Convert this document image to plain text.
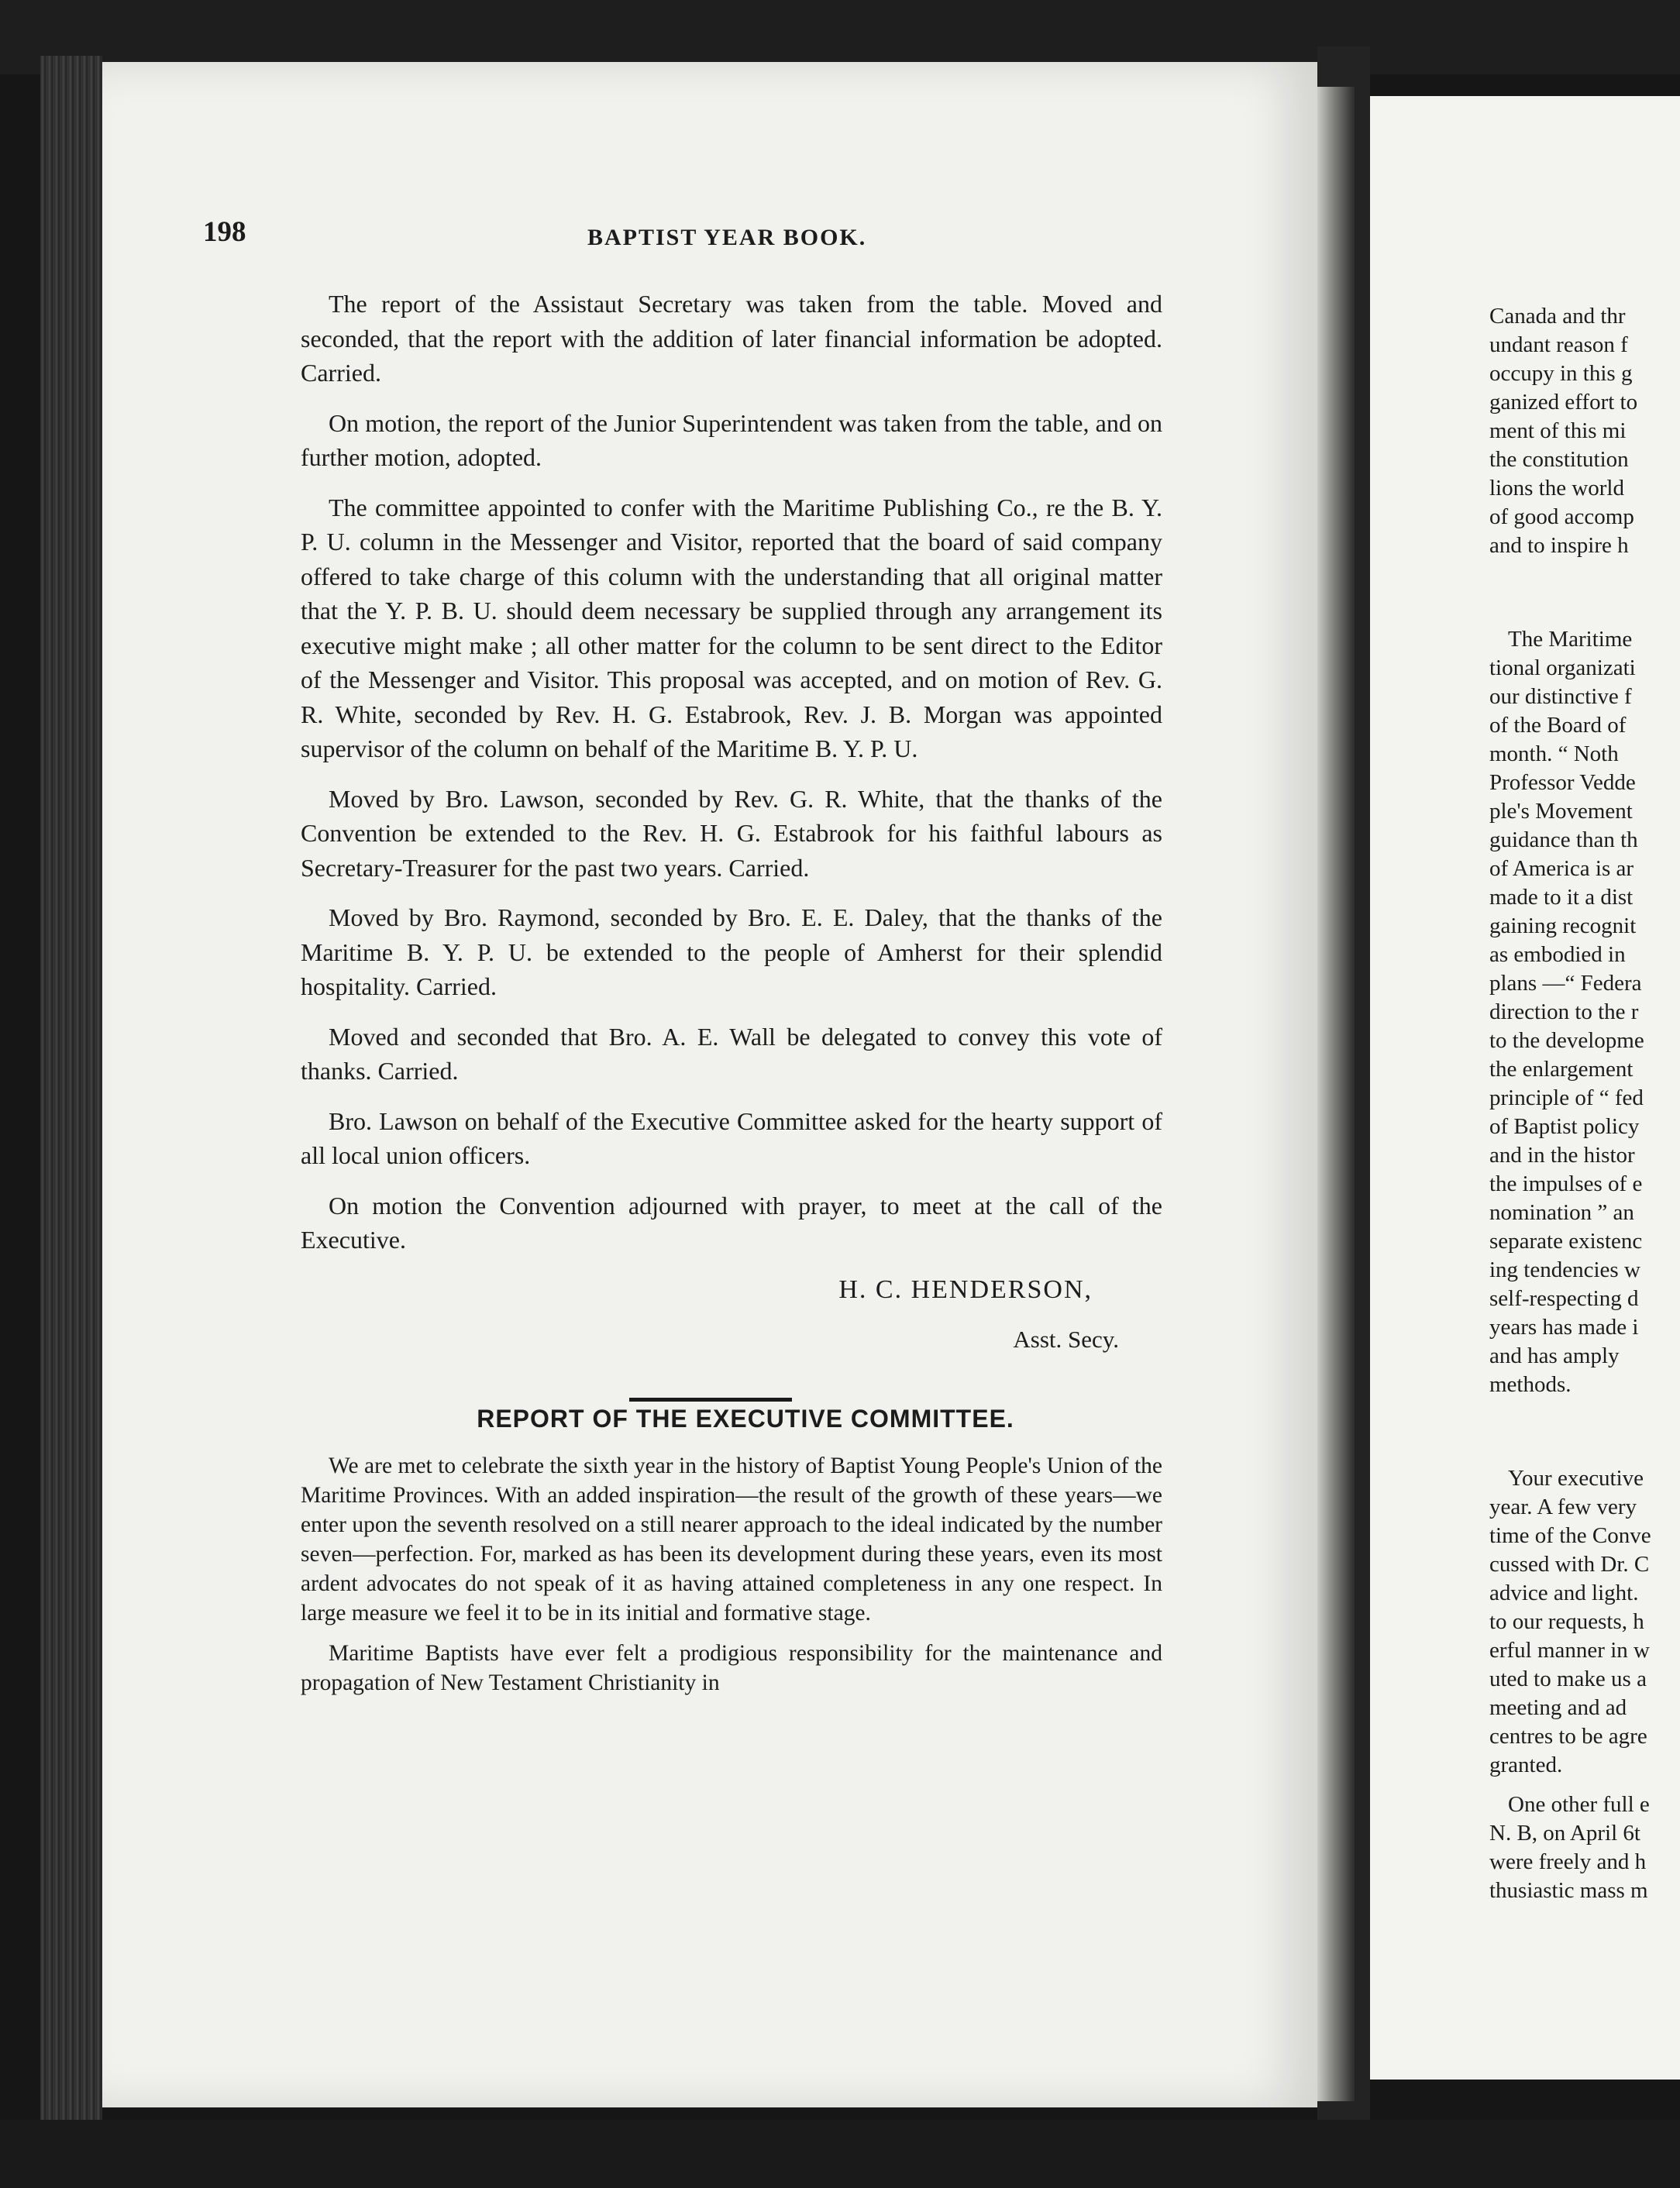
198	BAPTIST YEAR BOOK.

The report of the Assistaut Secretary was taken from the table. Moved and seconded, that the report with the addition of later financial information be adopted. Carried.

On motion, the report of the Junior Superintendent was taken from the table, and on further motion, adopted.

The committee appointed to confer with the Maritime Publishing Co., re the B. Y. P. U. column in the Messenger and Visitor, reported that the board of said company offered to take charge of this column with the understanding that all original matter that the Y. P. B. U. should deem necessary be supplied through any arrangement its executive might make ; all other matter for the column to be sent direct to the Editor of the Messenger and Visitor. This proposal was accepted, and on motion of Rev. G. R. White, seconded by Rev. H. G. Estabrook, Rev. J. B. Morgan was appointed supervisor of the column on behalf of the Maritime B. Y. P. U.

Moved by Bro. Lawson, seconded by Rev. G. R. White, that the thanks of the Convention be extended to the Rev. H. G. Estabrook for his faithful labours as Secretary-Treasurer for the past two years. Carried.

Moved by Bro. Raymond, seconded by Bro. E. E. Daley, that the thanks of the Maritime B. Y. P. U. be extended to the people of Amherst for their splendid hospitality. Carried.

Moved and seconded that Bro. A. E. Wall be delegated to convey this vote of thanks. Carried.

Bro. Lawson on behalf of the Executive Committee asked for the hearty support of all local union officers.

On motion the Convention adjourned with prayer, to meet at the call of the Executive.

H. C. HENDERSON,

Asst. Secy.

REPORT OF THE EXECUTIVE COMMITTEE.

We are met to celebrate the sixth year in the history of Baptist Young People's Union of the Maritime Provinces. With an added inspiration—the result of the growth of these years—we enter upon the seventh resolved on a still nearer approach to the ideal indicated by the number seven—perfection. For, marked as has been its development during these years, even its most ardent advocates do not speak of it as having attained completeness in any one respect. In large measure we feel it to be in its initial and formative stage.

Maritime Baptists have ever felt a prodigious responsibility for the maintenance and propagation of New Testament Christianity in

Canada and thr
undant reason f
occupy in this g
ganized effort to
ment of this mi
the constitution
lions the world
of good accomp
and to inspire h
The Maritime
tional organizati
our distinctive f
of the Board of
month. “ Noth
Professor Vedde
ple's Movement
guidance than th
of America is ar
made to it a dist
gaining recognit
as embodied in
plans —“ Federa
direction to the r
to the developme
the enlargement
principle of “ fed
of Baptist policy
and in the histor
the impulses of e
nomination ” an
separate existenc
ing tendencies w
self-respecting d
years has made i
and has amply
methods.
Your executive
year. A few very
time of the Conve
cussed with Dr. C
advice and light.
to our requests, h
erful manner in w
uted to make us a
meeting and ad
centres to be agre
granted.
One other full e
N. B, on April 6t
were freely and h
thusiastic mass m
